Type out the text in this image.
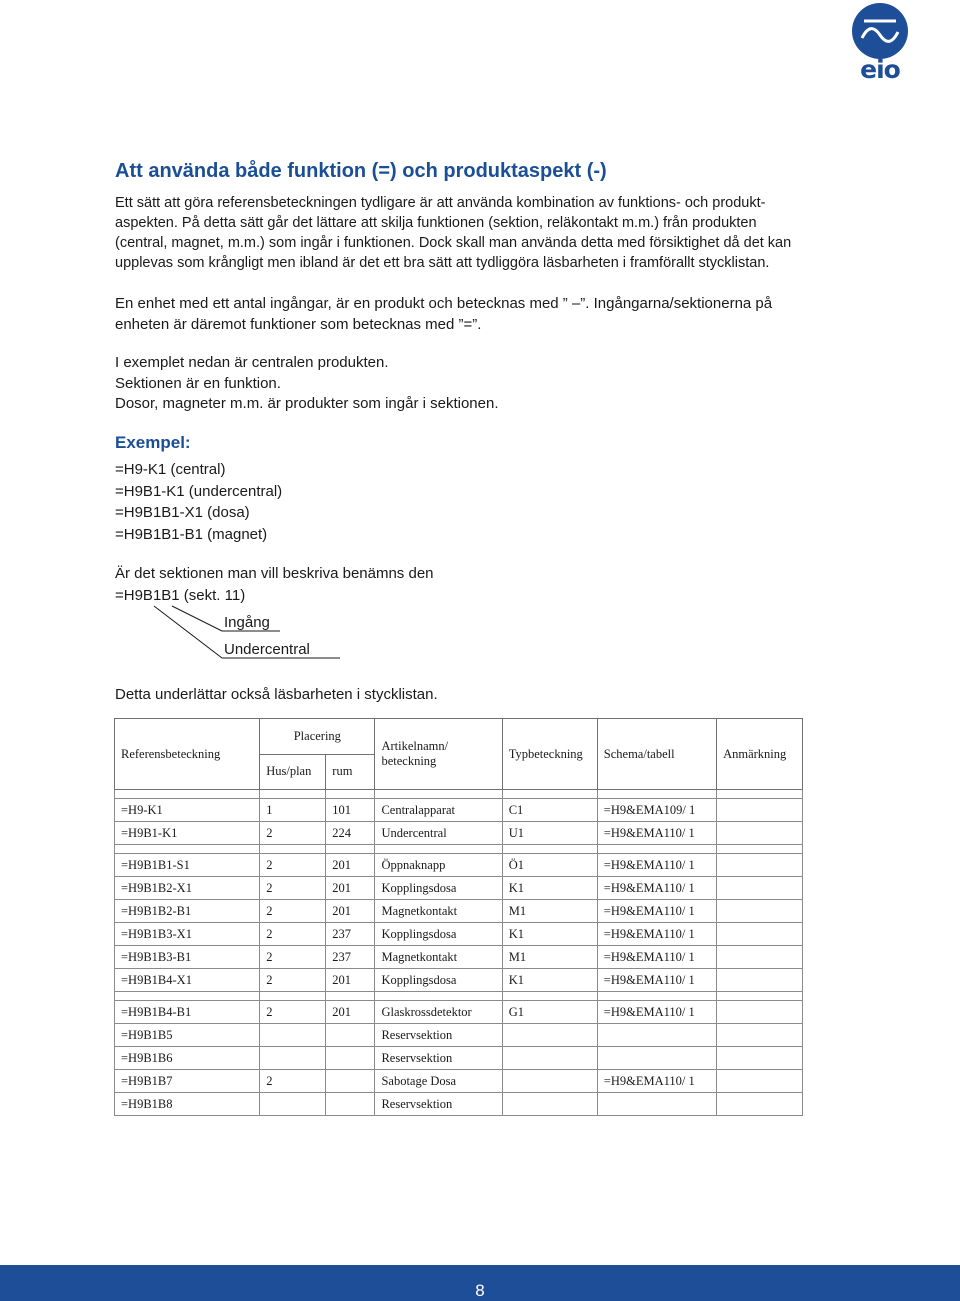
eio
Att använda både funktion (=) och produktaspekt (-)

Ett sätt att göra referensbeteckningen tydligare är att använda kombination av funktions- och produkt-
aspekten. På detta sätt går det lättare att skilja funktionen (sektion, reläkontakt m.m.) från produkten
(central, magnet, m.m.) som ingår i funktionen. Dock skall man använda detta med försiktighet då det kan
upplevas som krångligt men ibland är det ett bra sätt att tydliggöra läsbarheten i framförallt stycklistan.

En enhet med ett antal ingångar, är en produkt och betecknas med ” –”. Ingångarna/sektionerna på
enheten är däremot funktioner som betecknas med ”=”.

I exemplet nedan är centralen produkten.
Sektionen är en funktion.
Dosor, magneter m.m. är produkter som ingår i sektionen.

Exempel:

=H9-K1 (central)
=H9B1-K1 (undercentral)
=H9B1B1-X1 (dosa)
=H9B1B1-B1 (magnet)

Är det sektionen man vill beskriva benämns den
=H9B1B1 (sekt. 11)

Ingång
Undercentral

Detta underlättar också läsbarheten i stycklistan.

Referensbeteckning	Placering		Artikelnamn/ beteckning	Typbeteckning	Schema/tabell	Anmärkning
	Hus/plan	rum				

=H9-K1	1	101	Centralapparat	C1	=H9&EMA109/ 1	
=H9B1-K1	2	224	Undercentral	U1	=H9&EMA110/ 1	

=H9B1B1-S1	2	201	Öppnaknapp	Ö1	=H9&EMA110/ 1	
=H9B1B2-X1	2	201	Kopplingsdosa	K1	=H9&EMA110/ 1	
=H9B1B2-B1	2	201	Magnetkontakt	M1	=H9&EMA110/ 1	
=H9B1B3-X1	2	237	Kopplingsdosa	K1	=H9&EMA110/ 1	
=H9B1B3-B1	2	237	Magnetkontakt	M1	=H9&EMA110/ 1	
=H9B1B4-X1	2	201	Kopplingsdosa	K1	=H9&EMA110/ 1	

=H9B1B4-B1	2	201	Glaskrossdetektor	G1	=H9&EMA110/ 1	
=H9B1B5			Reservsektion			
=H9B1B6			Reservsektion			
=H9B1B7	2		Sabotage Dosa		=H9&EMA110/ 1	
=H9B1B8			Reservsektion			
8
